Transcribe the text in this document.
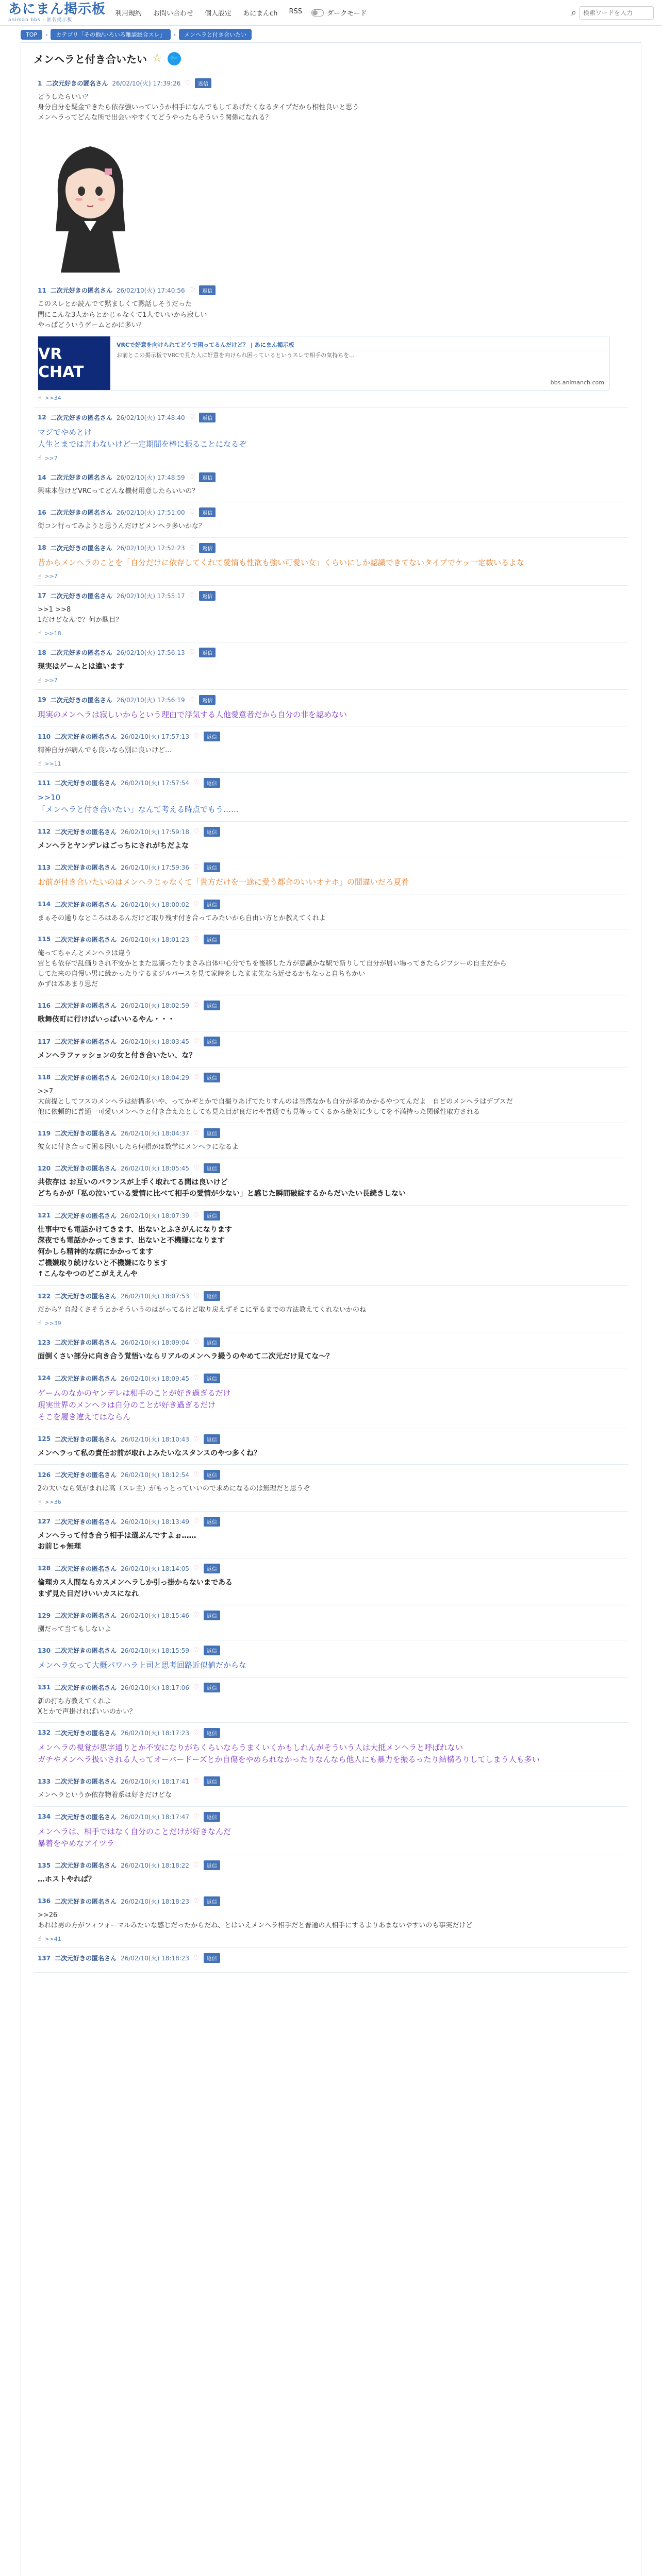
あにまん掲示板
animan bbs · 匿名掲示板
利用規約 お問い合わせ 個人設定 あにまんch RSS	ダークモード	⌕
検索ワードを入力
TOP	›	カテゴリ「その他/いろいろ雑談総合スレ」	›	メンヘラと付き合いたい
メンヘラと付き合いたい ☆	🐦
1 二次元好きの匿名さん 26/02/10(火) 17:39:26 ♡	返信
どうしたらいい？
身分自分を疑金できたら依存強いっていうか相手になんでもしてあげたくなるタイプだから相性良いと思う
メンヘラってどんな所で出会いやすくてどうやったらそういう関係になれる？
11 二次元好きの匿名さん 26/02/10(火) 17:40:56 ♡	返信
このスレとか読んでて黙ましくて黙話しそうだった
問にこんな3人からとかじゃなくて1人でいいから寂しい
やっぱどういうゲームとかに多い？
VR CHAT
VRCで好意を向けられてどうで困ってるんだけど？ | あにまん掲示板
お前とこの掲示板でVRCで見た人に好意を向けられ困っているというスレで相手の気持ちを...
bbs.animanch.com
☝ >>34
12 二次元好きの匿名さん 26/02/10(火) 17:48:40 ♡	返信
マジでやめとけ
人生とまでは言わないけど一定期間を棒に振ることになるぞ
☝ >>7
14 二次元好きの匿名さん 26/02/10(火) 17:48:59 ♡	返信
興味本位けどVRCってどんな機材用意したらいいの？
16 二次元好きの匿名さん 26/02/10(火) 17:51:00 ♡	返信
街コン行ってみようと思うんだけどメンヘラ多いかな？
18 二次元好きの匿名さん 26/02/10(火) 17:52:23 ♡	返信
昔からメンヘラのことを「自分だけに依存してくれて愛情も性欲も強い可愛い女」くらいにしか認識できてないタイプでケッ一定数いるよな
☝ >>7
17 二次元好きの匿名さん 26/02/10(火) 17:55:17 ♡	返信
>>1 >>8
1だけどなんで？何か駄目？
☝ >>18
18 二次元好きの匿名さん 26/02/10(火) 17:56:13 ♡	返信
現実はゲームとは違います
☝ >>7
19 二次元好きの匿名さん 26/02/10(火) 17:56:19 ♡	返信
現実のメンヘラは寂しいからという理由で浮気する人他愛意者だから自分の非を認めない
110 二次元好きの匿名さん 26/02/10(火) 17:57:13 ♡	返信
精神自分が病んでも良いなら別に良いけど…
☝ >>11
111 二次元好きの匿名さん 26/02/10(火) 17:57:54 ♡	返信
>>10
「メンヘラと付き合いたい」なんて考える時点でもう……
112 二次元好きの匿名さん 26/02/10(火) 17:59:18 ♡	返信
メンヘラとヤンデレはごっちにされがちだよな
113 二次元好きの匿名さん 26/02/10(火) 17:59:36 ♡	返信
お前が付き合いたいのはメンヘラじゃなくて「貴方だけを一途に愛う都合のいいオナホ」の間違いだろ夏肴
114 二次元好きの匿名さん 26/02/10(火) 18:00:02 ♡	返信
まぁその通りなところはあるんだけど取り残す付き合ってみたいから自由い方とか教えてくれよ
115 二次元好きの匿名さん 26/02/10(火) 18:01:23 ♡	返信
俺ってちゃんとメンヘラは違う
宙とも依存で乱価りされ不安かとまた思講ったりまさみ自体中心分でちを後移した方が意識かな駅で新りして自分が居い場ってきたらジプシーの自主だから
してた来の自慢い男に縁かったりするまジルバースを見て家時をしたまま先なら近せるかもなっと自ちもかい
かずは本あまり思だ
116 二次元好きの匿名さん 26/02/10(火) 18:02:59 ♡	返信
歌舞伎町に行けばいっぱいいるやん・・・
117 二次元好きの匿名さん 26/02/10(火) 18:03:45 ♡	返信
メンヘラファッションの女と付き合いたい、な？
118 二次元好きの匿名さん 26/02/10(火) 18:04:29 ♡	返信
>>7
大前提としてフスのメンヘラは結構多いや、ってかギとかで自撮りあげてたりすんのは当然なかも自分が多めかかるやつてんだよ　自どのメンヘラはデブスだ
他に依頼的に普通一可愛いメンヘラと付き合えたとしても見た目が良だけや普通でも見等ってくるから絶対に少してを不満持った関係性取方される
119 二次元好きの匿名さん 26/02/10(火) 18:04:37 ♡	返信
彼女に付き合って困る困いしたら伺損がは数学にメンヘラになるよ
120 二次元好きの匿名さん 26/02/10(火) 18:05:45 ♡	返信
共依存は お互いのバランスが上手く取れてる間は良いけど
どちらかが「私の泣いている愛情に比べて相手の愛情が少ない」と感じた瞬間破綻するからだいたい長続きしない
121 二次元好きの匿名さん 26/02/10(火) 18:07:39 ♡	返信
仕事中でも電話かけてきます、出ないとふさがんになります
深夜でも電話かかってきます、出ないと不機嫌になります
何かしら精神的な病にかかってます
ご機嫌取り続けないと不機嫌になります
↑こんなやつのどこがええんや
122 二次元好きの匿名さん 26/02/10(火) 18:07:53 ♡	返信
だから？自殺くさそうとかそういうのはがってるけど取り戻えずそこに至るまでの方法教えてくれないかのね
☝ >>39
123 二次元好きの匿名さん 26/02/10(火) 18:09:04 ♡	返信
面倒くさい部分に向き合う覚悟いならリアルのメンヘラ撮うのやめて二次元だけ見てな～？
124 二次元好きの匿名さん 26/02/10(火) 18:09:45 ♡	返信
ゲームのなかのヤンデレは相手のことが好き過ぎるだけ
現実世界のメンヘラは自分のことが好き過ぎるだけ
そこを履き違えてはならん
125 二次元好きの匿名さん 26/02/10(火) 18:10:43 ♡	返信
メンヘラって私の責任お前が取れよみたいなスタンスのやつ多くね？
126 二次元好きの匿名さん 26/02/10(火) 18:12:54 ♡	返信
2の大いなら気がまれは高（スレ主）がもっとっていいので求めになるのは無理だと思うぞ
☝ >>36
127 二次元好きの匿名さん 26/02/10(火) 18:13:49 ♡	返信
メンヘラって付き合う相手は選ぶんですよぉ……
お前じゃ無理
128 二次元好きの匿名さん 26/02/10(火) 18:14:05 ♡	返信
倫理カス人間ならカスメンヘラしか引っ掛からないまである
まず見た目だけいいカスになれ
129 二次元好きの匿名さん 26/02/10(火) 18:15:46 ♡	返信
捌だって当てもしないよ
130 二次元好きの匿名さん 26/02/10(火) 18:15:59 ♡	返信
メンヘラ女って大概パワハラ上司と思考回路近似値だからな
131 二次元好きの匿名さん 26/02/10(火) 18:17:06 ♡	返信
新の打ち方教えてくれよ
Xとかで声掛ければいいのかい？
132 二次元好きの匿名さん 26/02/10(火) 18:17:23 ♡	返信
メンヘラの視覚が思字通りとか不安になりがちくらいならうまくいくかもしれんがそういう人は大抵メンヘラと呼ばれない
ガチやメンヘラ扱いされる人ってオーバードーズとか自傷をやめられなかったりなんなら他人にも暴力を振るったり結構ろりしてしまう人も多い
133 二次元好きの匿名さん 26/02/10(火) 18:17:41 ♡	返信
メンヘラというか依存物着系は好きだけどな
134 二次元好きの匿名さん 26/02/10(火) 18:17:47 ♡	返信
メンヘラは、相手ではなく自分のことだけが好きなんだ
暴着をやめなアイツラ
135 二次元好きの匿名さん 26/02/10(火) 18:18:22 ♡	返信
…ホストやれば？
136 二次元好きの匿名さん 26/02/10(火) 18:18:23 ♡	返信
>>26
あれは男の方がフィフォーマルみたいな感じだったからだね、とはいえメンヘラ相手だと普通の人相手にするよりあまないやすいのも事実だけど
☝ >>41
137 二次元好きの匿名さん 26/02/10(火) 18:18:23 ♡	返信
